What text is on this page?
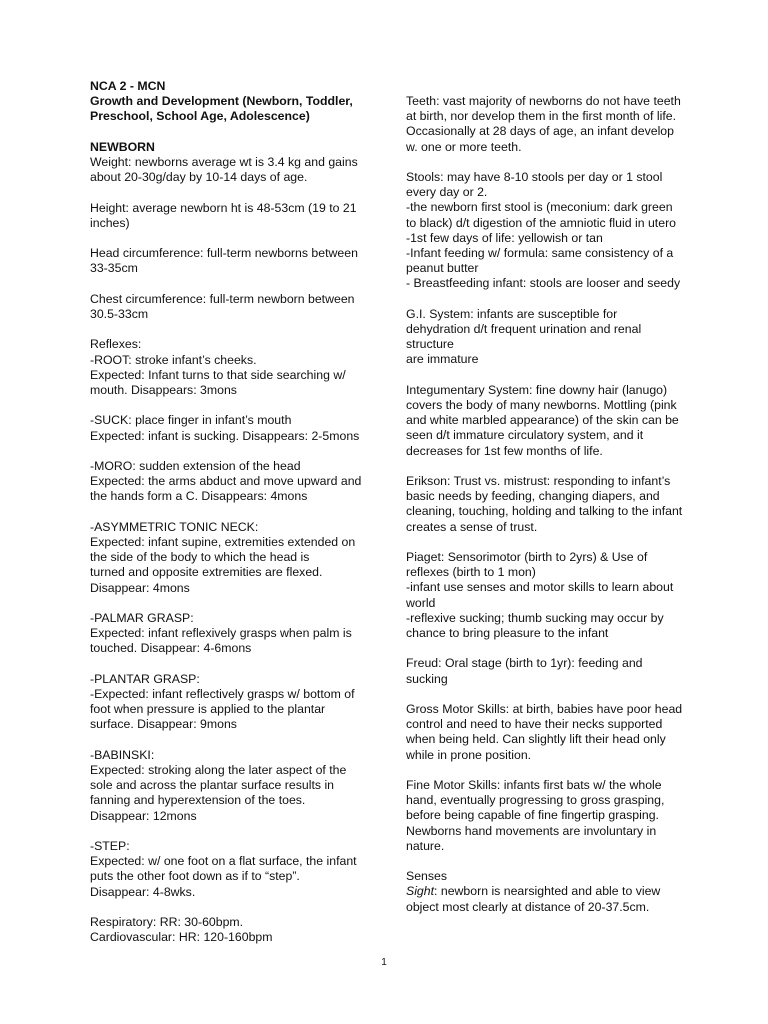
NCA 2 - MCN

Growth and Development (Newborn, Toddler, Preschool, School Age, Adolescence)

NEWBORN

Weight: newborns average wt is 3.4 kg and gains about 20-30g/day by 10-14 days of age.

Height: average newborn ht is 48-53cm (19 to 21 inches)

Head circumference: full-term newborns between 33-35cm

Chest circumference: full-term newborn between 30.5-33cm

Reflexes:

-ROOT: stroke infant’s cheeks.

Expected: Infant turns to that side searching w/ mouth. Disappears: 3mons

-SUCK: place finger in infant’s mouth

Expected: infant is sucking. Disappears: 2-5mons

-MORO: sudden extension of the head

Expected: the arms abduct and move upward and the hands form a C. Disappears: 4mons

-ASYMMETRIC TONIC NECK:

Expected: infant supine, extremities extended on the side of the body to which the head is

turned and opposite extremities are flexed.

Disappear: 4mons

-PALMAR GRASP:

Expected: infant reflexively grasps when palm is touched. Disappear: 4-6mons

-PLANTAR GRASP:

-Expected: infant reflectively grasps w/ bottom of foot when pressure is applied to the plantar surface. Disappear: 9mons

-BABINSKI:

Expected: stroking along the later aspect of the sole and across the plantar surface results in fanning and hyperextension of the toes.

Disappear: 12mons

-STEP:

Expected: w/ one foot on a flat surface, the infant puts the other foot down as if to “step”.

Disappear: 4-8wks.

Respiratory: RR: 30-60bpm.

Cardiovascular: HR: 120-160bpm

Teeth: vast majority of newborns do not have teeth at birth, nor develop them in the first month of life. Occasionally at 28 days of age, an infant develop w. one or more teeth.

Stools: may have 8-10 stools per day or 1 stool every day or 2.

-the newborn first stool is (meconium: dark green to black) d/t digestion of the amniotic fluid in utero

-1st few days of life: yellowish or tan

-Infant feeding w/ formula: same consistency of a peanut butter

- Breastfeeding infant: stools are looser and seedy

G.I. System: infants are susceptible for dehydration d/t frequent urination and renal structure

are immature

Integumentary System: fine downy hair (lanugo) covers the body of many newborns. Mottling (pink and white marbled appearance) of the skin can be seen d/t immature circulatory system, and it decreases for 1st few months of life.

Erikson: Trust vs. mistrust: responding to infant’s basic needs by feeding, changing diapers, and cleaning, touching, holding and talking to the infant creates a sense of trust.

Piaget: Sensorimotor (birth to 2yrs) & Use of reflexes (birth to 1 mon)

-infant use senses and motor skills to learn about world

-reflexive sucking; thumb sucking may occur by chance to bring pleasure to the infant

Freud: Oral stage (birth to 1yr): feeding and sucking

Gross Motor Skills: at birth, babies have poor head control and need to have their necks supported when being held. Can slightly lift their head only while in prone position.

Fine Motor Skills: infants first bats w/ the whole hand, eventually progressing to gross grasping, before being capable of fine fingertip grasping. Newborns hand movements are involuntary in nature.

Senses

Sight: newborn is nearsighted and able to view object most clearly at distance of 20-37.5cm.

1
